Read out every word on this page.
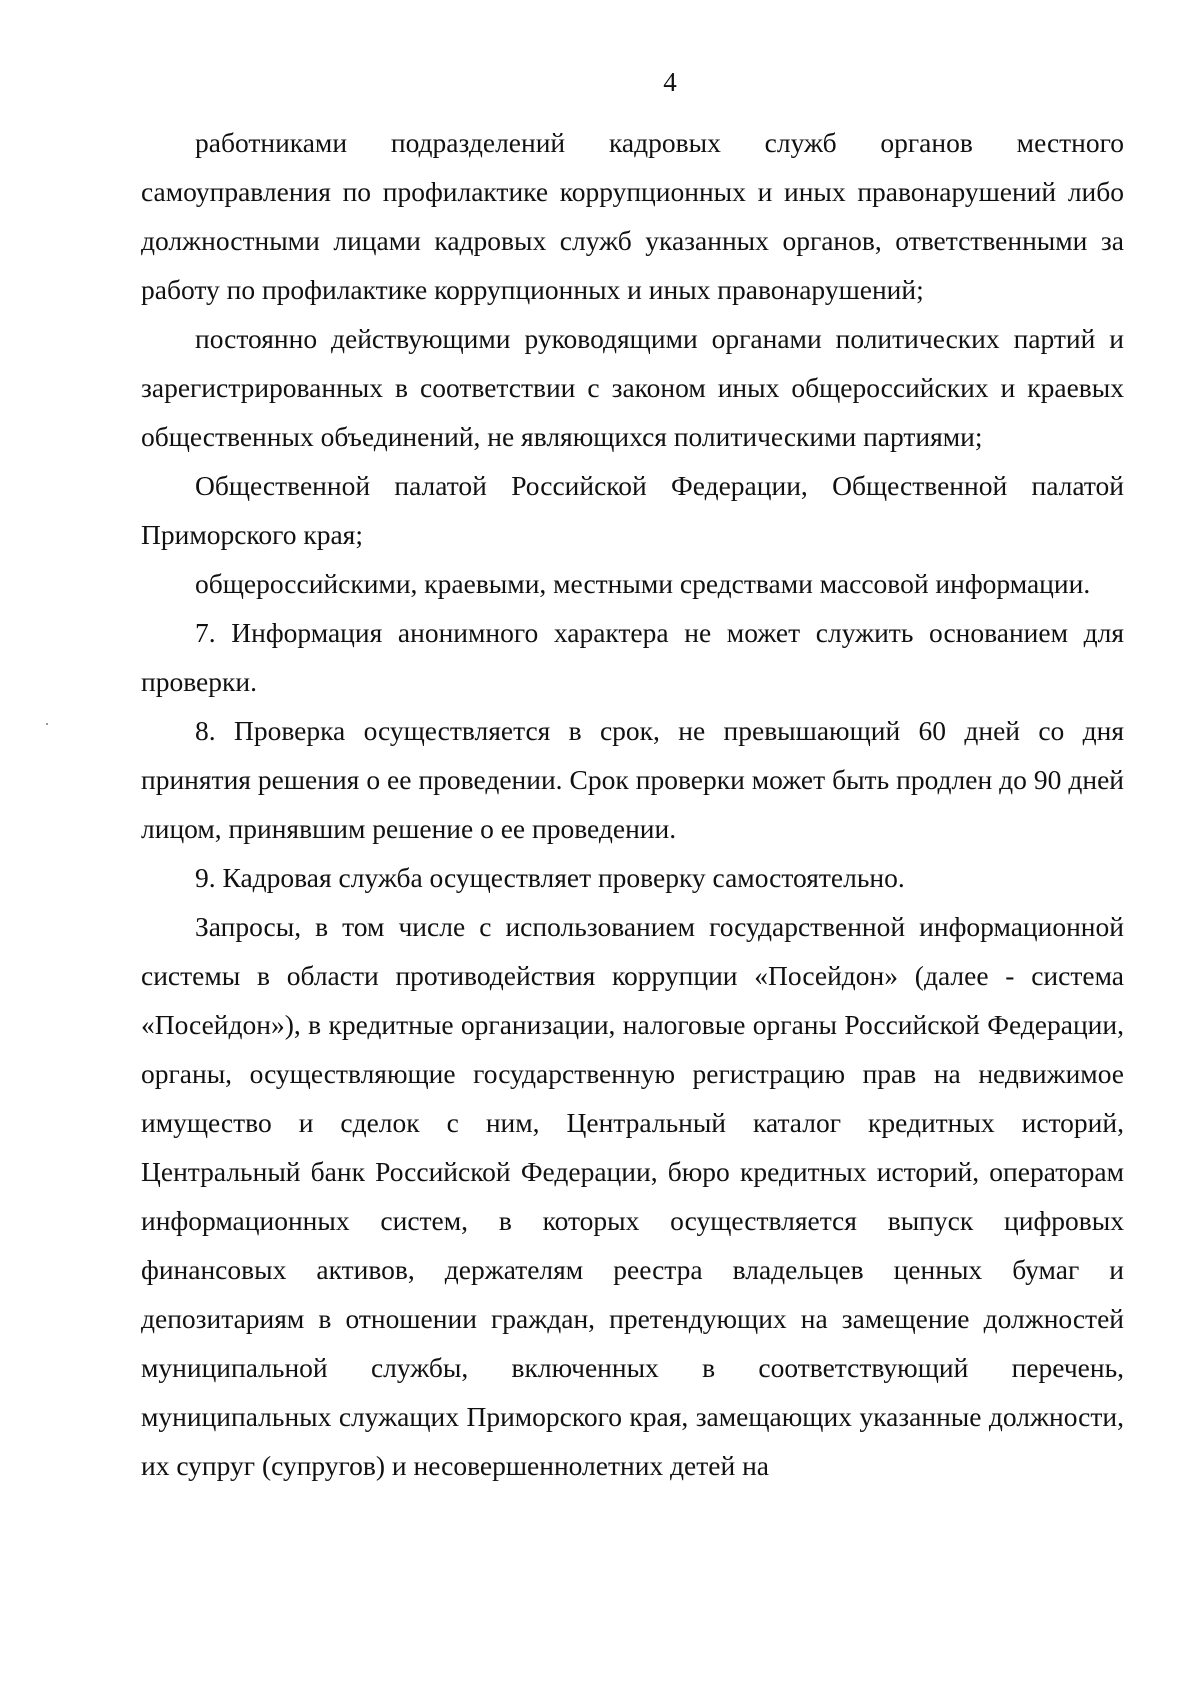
4

работниками подразделений кадровых служб органов местного самоуправления по профилактике коррупционных и иных правонарушений либо должностными лицами кадровых служб указанных органов, ответственными за работу по профилактике коррупционных и иных правонарушений;

постоянно действующими руководящими органами политических партий и зарегистрированных в соответствии с законом иных общероссийских и краевых общественных объединений, не являющихся политическими партиями;

Общественной палатой Российской Федерации, Общественной палатой Приморского края;

общероссийскими, краевыми, местными средствами массовой информации.

7. Информация анонимного характера не может служить основанием для проверки.

8. Проверка осуществляется в срок, не превышающий 60 дней со дня принятия решения о ее проведении. Срок проверки может быть продлен до 90 дней лицом, принявшим решение о ее проведении.

9. Кадровая служба осуществляет проверку самостоятельно.

Запросы, в том числе с использованием государственной информационной системы в области противодействия коррупции «Посейдон» (далее - система «Посейдон»), в кредитные организации, налоговые органы Российской Федерации, органы, осуществляющие государственную регистрацию прав на недвижимое имущество и сделок с ним, Центральный каталог кредитных историй, Центральный банк Российской Федерации, бюро кредитных историй, операторам информационных систем, в которых осуществляется выпуск цифровых финансовых активов, держателям реестра владельцев ценных бумаг и депозитариям в отношении граждан, претендующих на замещение должностей муниципальной службы, включенных в соответствующий перечень, муниципальных служащих Приморского края, замещающих указанные должности, их супруг (супругов) и несовершеннолетних детей на
